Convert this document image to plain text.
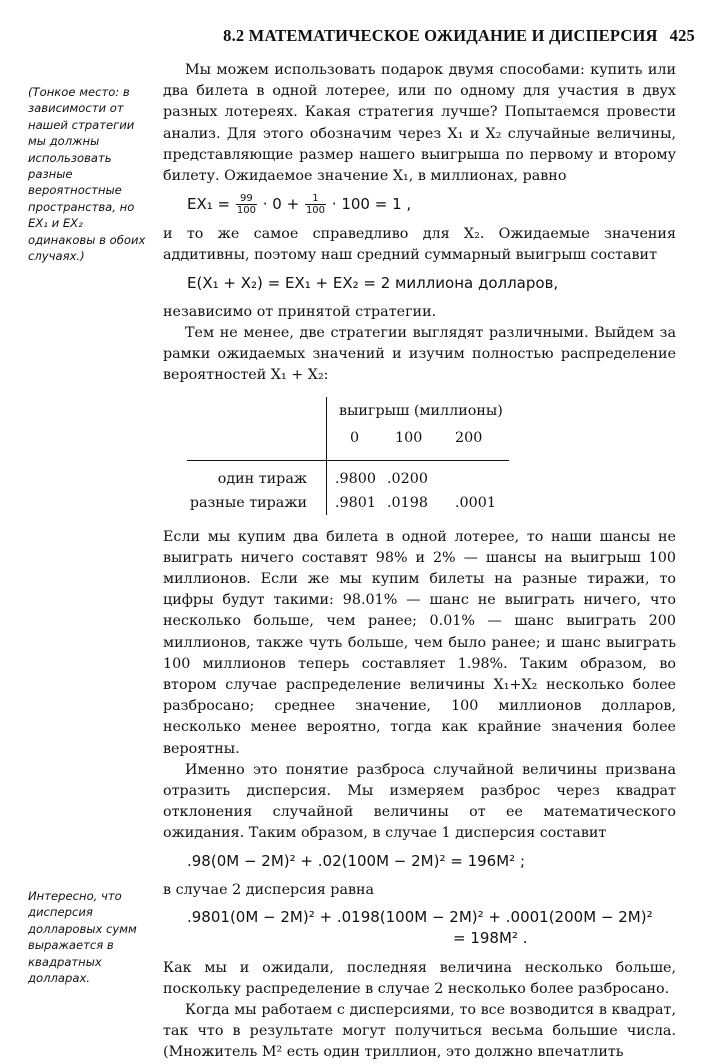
8.2 МАТЕМАТИЧЕСКОЕ ОЖИДАНИЕ И ДИСПЕРСИЯ 425
(Тонкое место: в зависимости от нашей стратегии мы должны использовать разные вероятностные пространства, но EX₁ и EX₂ одинаковы в обоих случаях.)
Интересно, что дисперсия долларовых сумм выражается в квадратных долларах.

Мы можем использовать подарок двумя способами: купить или два билета в одной лотерее, или по одному для участия в двух разных лотереях. Какая стратегия лучше? Попытаемся провести анализ. Для этого обозначим через X₁ и X₂ случайные величины, представляющие размер нашего выигрыша по первому и второму билету. Ожидаемое значение X₁, в миллионах, равно

$EX_1 = \frac{99}{100} \cdot 0 + \frac{1}{100} \cdot 100 = 1$ ,

и то же самое справедливо для X₂. Ожидаемые значения аддитивны, поэтому наш средний суммарный выигрыш составит

E(X₁ + X₂) = EX₁ + EX₂ = 2 миллиона долларов,

независимо от принятой стратегии.

Тем не менее, две стратегии выглядят различными. Выйдем за рамки ожидаемых значений и изучим полностью распределение вероятностей X₁ + X₂:

выигрыш (миллионы)
0	100 200
один тираж .9800 .0200
разные тиражи .9801 .0198 .0001

Если мы купим два билета в одной лотерее, то наши шансы не выиграть ничего составят 98% и 2% — шансы на выигрыш 100 миллионов. Если же мы купим билеты на разные тиражи, то цифры будут такими: 98.01% — шанс не выиграть ничего, что несколько больше, чем ранее; 0.01% — шанс выиграть 200 миллионов, также чуть больше, чем было ранее; и шанс выиграть 100 миллионов теперь составляет 1.98%. Таким образом, во втором случае распределение величины X₁+X₂ несколько более разбросано; среднее значение, 100 миллионов долларов, несколько менее вероятно, тогда как крайние значения более вероятны.

Именно это понятие разброса случайной величины призвана отразить дисперсия. Мы измеряем разброс через квадрат отклонения случайной величины от ее математического ожидания. Таким образом, в случае 1 дисперсия составит

.98(0M − 2M)² + .02(100M − 2M)² = 196M² ;

в случае 2 дисперсия равна

.9801(0M − 2M)² + .0198(100M − 2M)² + .0001(200M − 2M)²
= 198M² .

Как мы и ожидали, последняя величина несколько больше, поскольку распределение в случае 2 несколько более разбросано.

Когда мы работаем с дисперсиями, то все возводится в квадрат, так что в результате могут получиться весьма большие числа. (Множитель M² есть один триллион, это должно впечатлить
